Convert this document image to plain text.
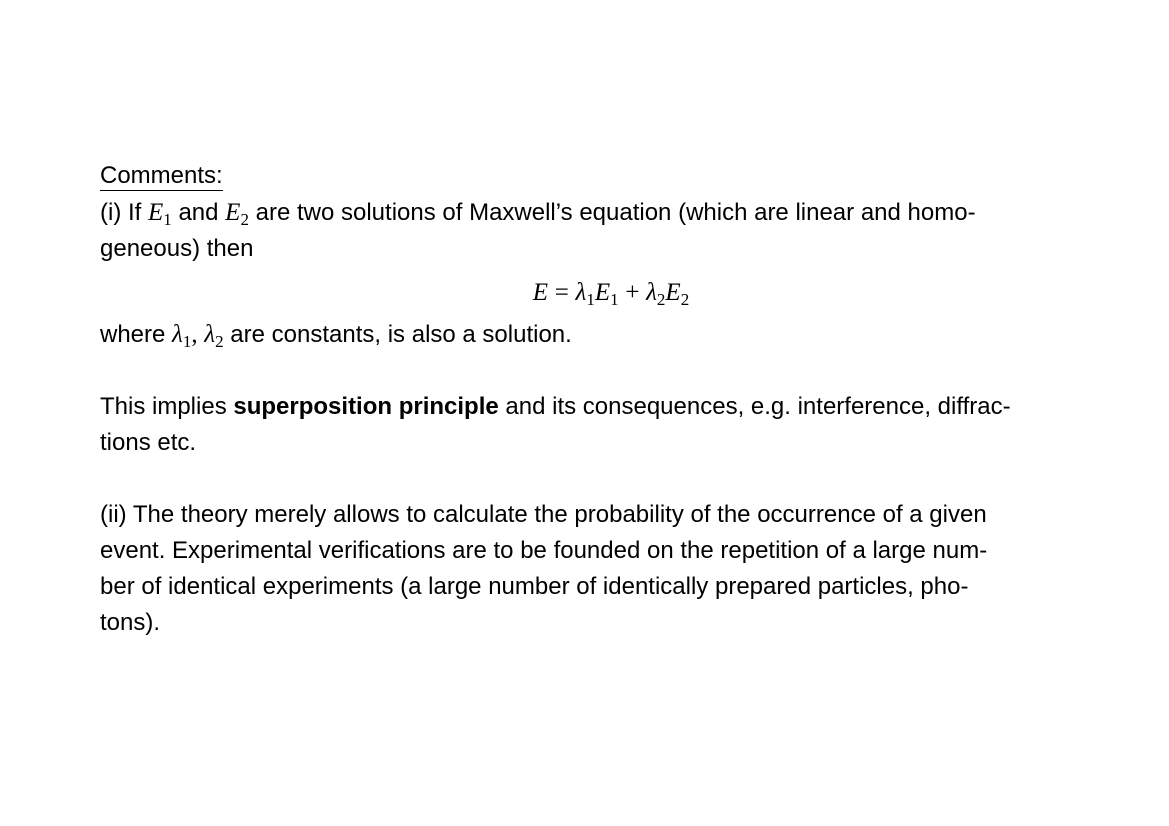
Comments:

(i) If $E_1$ and $E_2$ are two solutions of Maxwell’s equation (which are linear and homo-
geneous) then

$E = \lambda_1E_1 + \lambda_2E_2$

where $\lambda_1$, $\lambda_2$ are constants, is also a solution.

This implies superposition principle and its consequences, e.g. interference, diffrac-
tions etc.

(ii) The theory merely allows to calculate the probability of the occurrence of a given
event. Experimental verifications are to be founded on the repetition of a large num-
ber of identical experiments (a large number of identically prepared particles, pho-
tons).
